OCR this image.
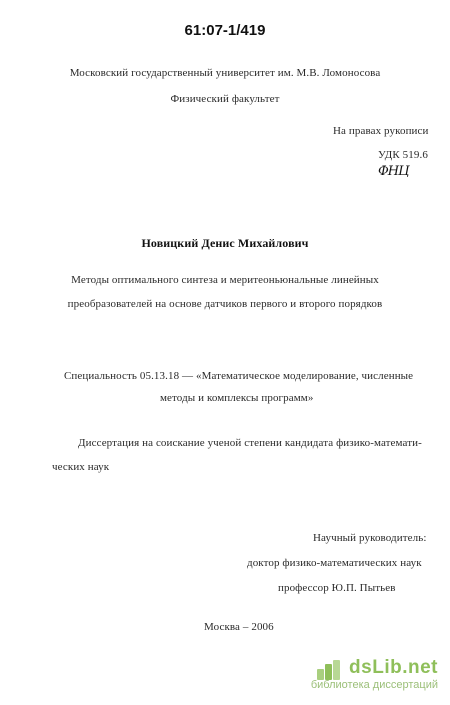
61:07-1/419
Московский государственный университет им. М.В. Ломоносова
Физический факультет
На правах рукописи
УДК 519.6
ФНЦ
Новицкий Денис Михайлович
Методы оптимального синтеза и меритеоньюнальные линейных
преобразователей на основе датчиков первого и второго порядков
Специальность 05.13.18 — «Математическое моделирование, численные
методы и комплексы программ»
Диссертация на соискание ученой степени кандидата физико-математи-
ческих наук
Научный руководитель:
доктор физико-математических наук
профессор Ю.П. Пытьев
Москва – 2006
dsLib.net
библиотека диссертаций
